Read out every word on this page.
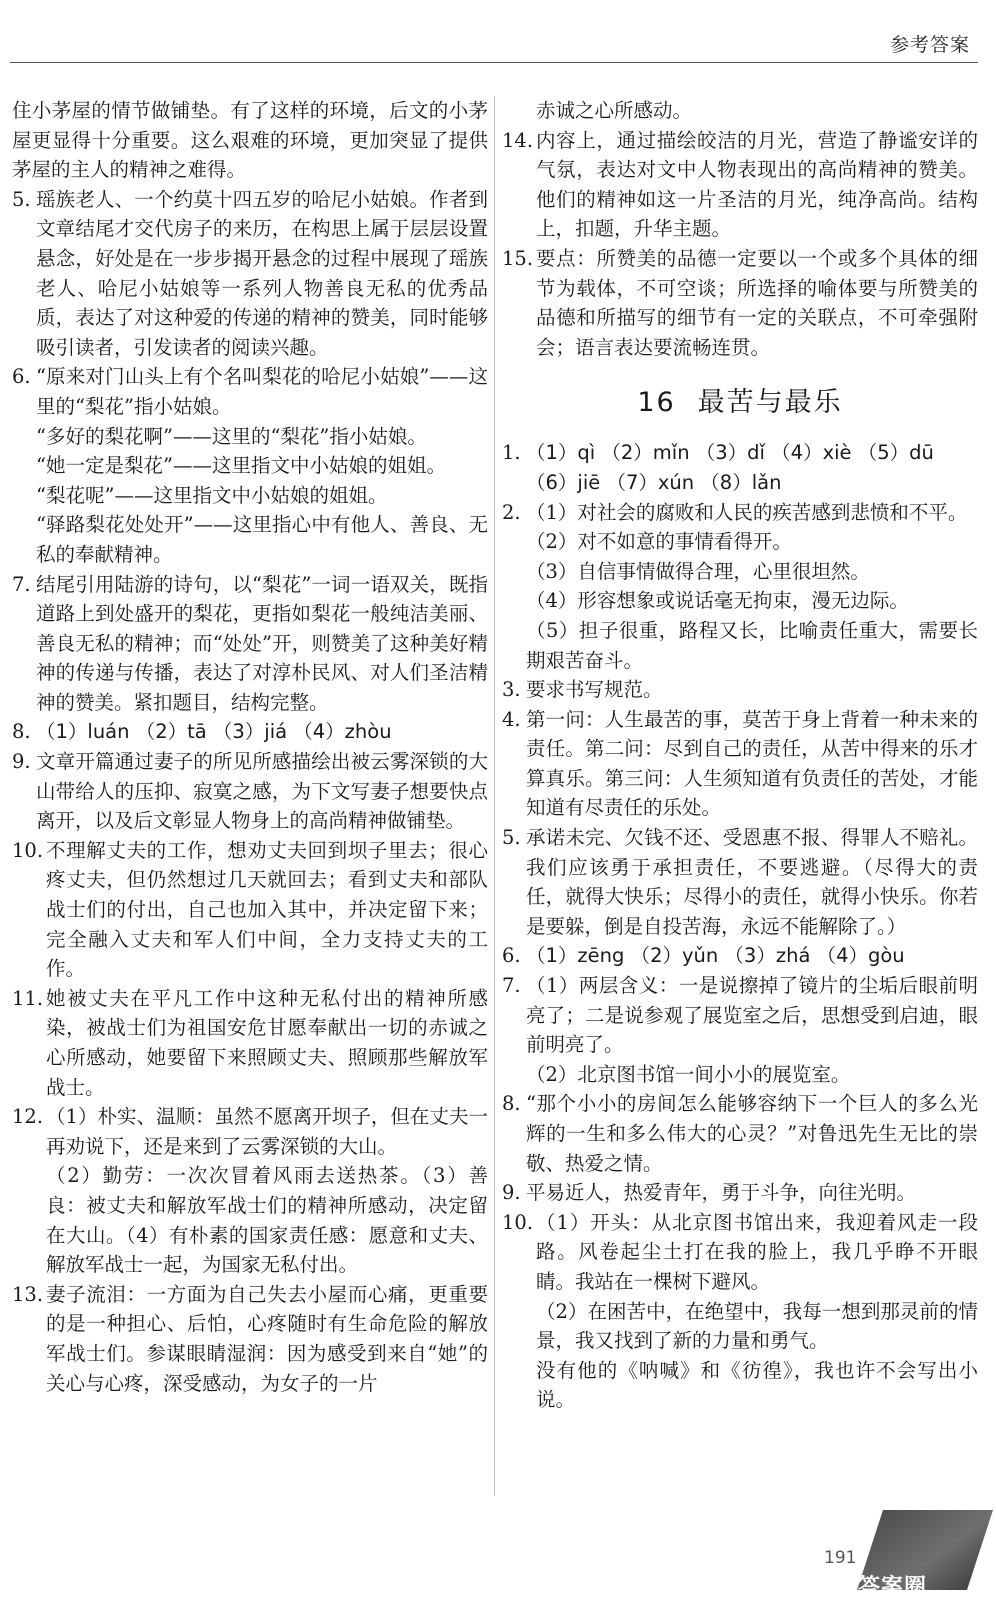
参考答案

住小茅屋的情节做铺垫。有了这样的环境，后文的小茅屋更显得十分重要。这么艰难的环境，更加突显了提供茅屋的主人的精神之难得。

5. 瑶族老人、一个约莫十四五岁的哈尼小姑娘。作者到文章结尾才交代房子的来历，在构思上属于层层设置悬念，好处是在一步步揭开悬念的过程中展现了瑶族老人、哈尼小姑娘等一系列人物善良无私的优秀品质，表达了对这种爱的传递的精神的赞美，同时能够吸引读者，引发读者的阅读兴趣。
6. “原来对门山头上有个名叫梨花的哈尼小姑娘”——这里的“梨花”指小姑娘。

“多好的梨花啊”——这里的“梨花”指小姑娘。

“她一定是梨花”——这里指文中小姑娘的姐姐。

“梨花呢”——这里指文中小姑娘的姐姐。

“驿路梨花处处开”——这里指心中有他人、善良、无私的奉献精神。

7. 结尾引用陆游的诗句，以“梨花”一词一语双关，既指道路上到处盛开的梨花，更指如梨花一般纯洁美丽、善良无私的精神；而“处处”开，则赞美了这种美好精神的传递与传播，表达了对淳朴民风、对人们圣洁精神的赞美。紧扣题目，结构完整。
8. （1）luán （2）tā （3）jiá （4）zhòu
9. 文章开篇通过妻子的所见所感描绘出被云雾深锁的大山带给人的压抑、寂寞之感，为下文写妻子想要快点离开，以及后文彰显人物身上的高尚精神做铺垫。
10. 不理解丈夫的工作，想劝丈夫回到坝子里去；很心疼丈夫，但仍然想过几天就回去；看到丈夫和部队战士们的付出，自己也加入其中，并决定留下来；完全融入丈夫和军人们中间，全力支持丈夫的工作。
11. 她被丈夫在平凡工作中这种无私付出的精神所感染，被战士们为祖国安危甘愿奉献出一切的赤诚之心所感动，她要留下来照顾丈夫、照顾那些解放军战士。
12. （1）朴实、温顺：虽然不愿离开坝子，但在丈夫一再劝说下，还是来到了云雾深锁的大山。

（2）勤劳：一次次冒着风雨去送热茶。（3）善良：被丈夫和解放军战士们的精神所感动，决定留在大山。（4）有朴素的国家责任感：愿意和丈夫、解放军战士一起，为国家无私付出。

13. 妻子流泪：一方面为自己失去小屋而心痛，更重要的是一种担心、后怕，心疼随时有生命危险的解放军战士们。参谋眼睛湿润：因为感受到来自“她”的关心与心疼，深受感动，为女子的一片

赤诚之心所感动。

14. 内容上，通过描绘皎洁的月光，营造了静谧安详的气氛，表达对文中人物表现出的高尚精神的赞美。他们的精神如这一片圣洁的月光，纯净高尚。结构上，扣题，升华主题。
15. 要点：所赞美的品德一定要以一个或多个具体的细节为载体，不可空谈；所选择的喻体要与所赞美的品德和所描写的细节有一定的关联点，不可牵强附会；语言表达要流畅连贯。
16 最苦与最乐
1. （1）qì （2）mǐn （3）dǐ （4）xiè （5）dū

（6）jiē （7）xún （8）lǎn

2. （1）对社会的腐败和人民的疾苦感到悲愤和不平。

（2）对不如意的事情看得开。

（3）自信事情做得合理，心里很坦然。

（4）形容想象或说话毫无拘束，漫无边际。

（5）担子很重，路程又长，比喻责任重大，需要长期艰苦奋斗。

3. 要求书写规范。
4. 第一问：人生最苦的事，莫苦于身上背着一种未来的责任。第二问：尽到自己的责任，从苦中得来的乐才算真乐。第三问：人生须知道有负责任的苦处，才能知道有尽责任的乐处。
5. 承诺未完、欠钱不还、受恩惠不报、得罪人不赔礼。我们应该勇于承担责任，不要逃避。（尽得大的责任，就得大快乐；尽得小的责任，就得小快乐。你若是要躲，倒是自投苦海，永远不能解除了。）
6. （1）zēng （2）yǔn （3）zhá （4）gòu
7. （1）两层含义：一是说擦掉了镜片的尘垢后眼前明亮了；二是说参观了展览室之后，思想受到启迪，眼前明亮了。

（2）北京图书馆一间小小的展览室。

8. “那个小小的房间怎么能够容纳下一个巨人的多么光辉的一生和多么伟大的心灵？”对鲁迅先生无比的崇敬、热爱之情。
9. 平易近人，热爱青年，勇于斗争，向往光明。
10. （1）开头：从北京图书馆出来，我迎着风走一段路。风卷起尘土打在我的脸上，我几乎睁不开眼睛。我站在一棵树下避风。

（2）在困苦中，在绝望中，我每一想到那灵前的情景，我又找到了新的力量和勇气。

没有他的《呐喊》和《彷徨》，我也许不会写出小说。

答案圈
191
